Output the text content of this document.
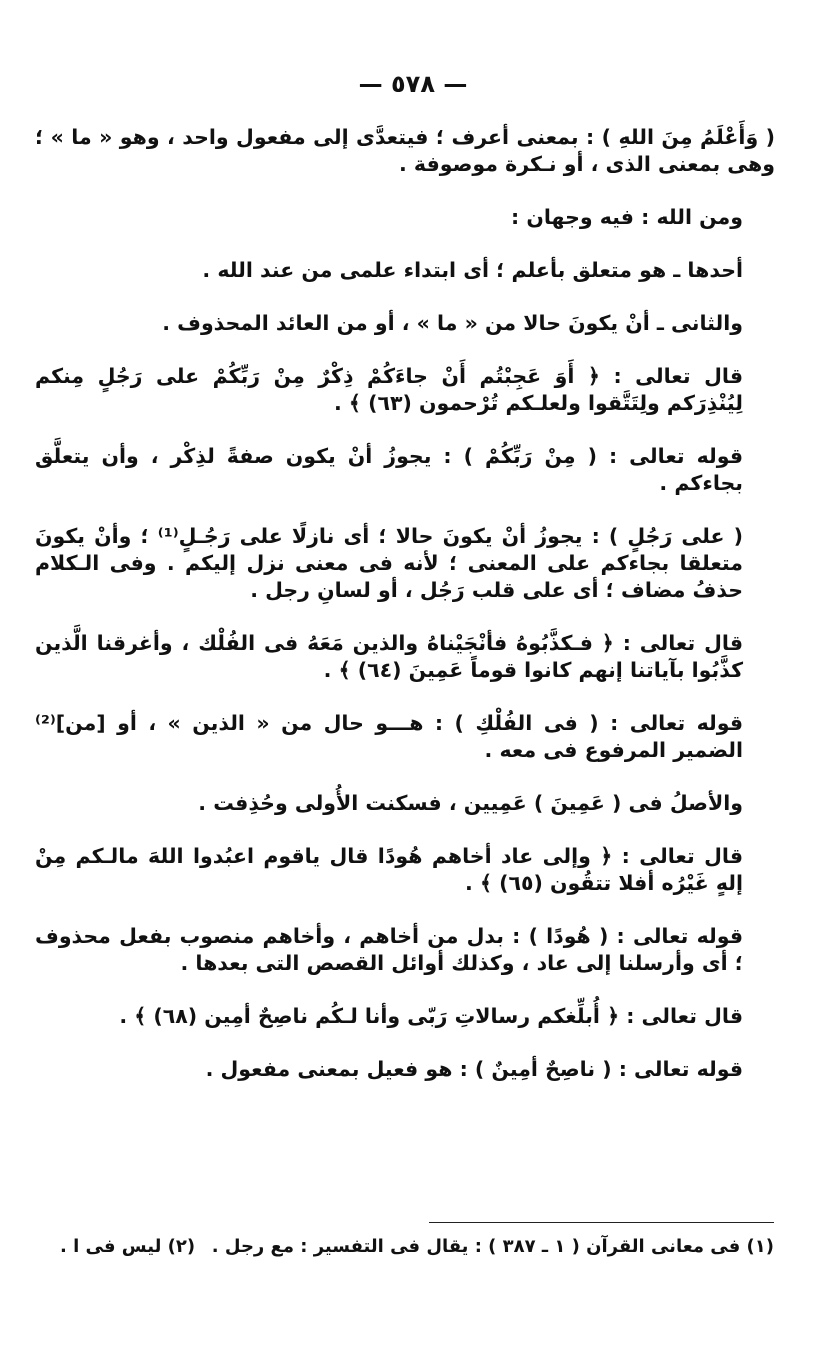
— ٥٧٨ —

( وَأَعْلَمُ مِنَ اللهِ ) : بمعنى أعرف ؛ فيتعدَّى إلى مفعول واحد ، وهو « ما » ؛ وهى بمعنى الذى ، أو نـكرة موصوفة .

ومن الله : فيه وجهان :

أحدها ـ هو متعلق بأعلم ؛ أى ابتداء علمى من عند الله .

والثانى ـ أنْ يكونَ حالا من « ما » ، أو من العائد المحذوف .

قال تعالى : ﴿ أَوَ عَجِبْتُم أَنْ جاءَكُمْ ذِكْرٌ مِنْ رَبِّكُمْ على رَجُلٍ مِنكم لِيُنْذِرَكم ولِتَتَّقوا ولعلـكم تُرْحمون (٦٣) ﴾ .

قوله تعالى : ( مِنْ رَبِّكُمْ ) : يجوزُ أنْ يكون صفةً لذِكْر ، وأن يتعلَّق بجاءكم .

( على رَجُلٍ ) : يجوزُ أنْ يكونَ حالا ؛ أى نازلًا على رَجُـلٍ⁽¹⁾ ؛ وأنْ يكونَ متعلقا بجاءكم على المعنى ؛ لأنه فى معنى نزل إليكم . وفى الـكلام حذفُ مضاف ؛ أى على قلب رَجُل ، أو لسانِ رجل .

قال تعالى : ﴿ فـكذَّبُوهُ فأنْجَيْناهُ والذين مَعَهُ فى الفُلْك ، وأغرقنا الَّذين كذَّبُوا بآياتنا إنهم كانوا قوماً عَمِينَ (٦٤) ﴾ .

قوله تعالى : ( فى الفُلْكِ ) : هـــو حال من « الذين » ، أو [من]⁽²⁾ الضمير المرفوع فى معه .

والأصلُ فى ( عَمِينَ ) عَمِيين ، فسكنت الأُولى وحُذِفت .

قال تعالى : ﴿ وإلى عاد أخاهم هُودًا قال ياقوم اعبُدوا اللهَ مالـكم مِنْ إلهٍ غَيْرُه أفلا تتقُون (٦٥) ﴾ .

قوله تعالى : ( هُودًا ) : بدل من أخاهم ، وأخاهم منصوب بفعل محذوف ؛ أى وأرسلنا إلى عاد ، وكذلك أوائل القصص التى بعدها .

قال تعالى : ﴿ أُبلِّغكم رسالاتِ رَبّى وأنا لـكُم ناصِحٌ أمِين (٦٨) ﴾ .

قوله تعالى : ( ناصِحٌ أمِينٌ ) : هو فعيل بمعنى مفعول .

(١) فى معانى القرآن ( ١ ـ ٣٨٧ ) : يقال فى التفسير : مع رجل .
(٢) ليس فى ا .
